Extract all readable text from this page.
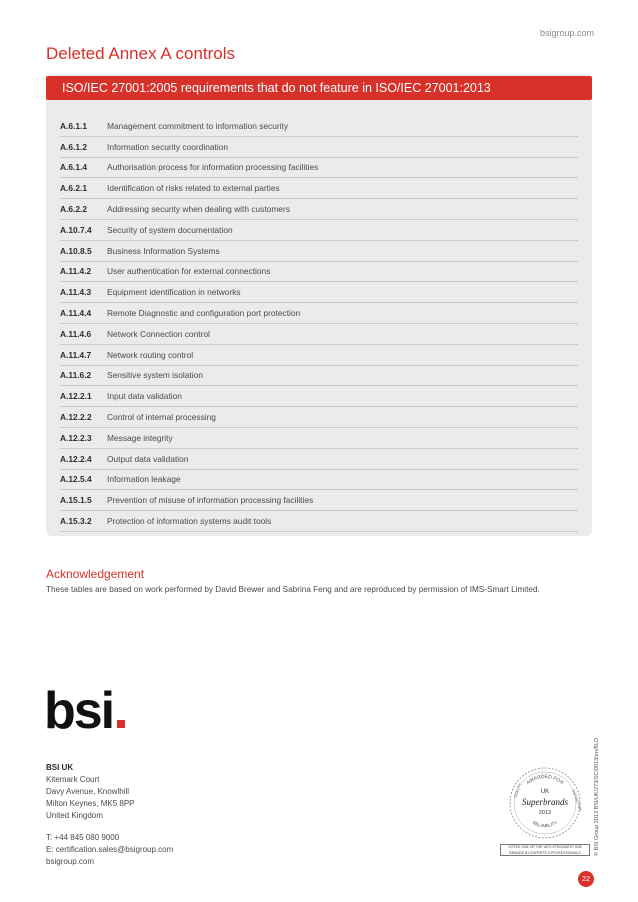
bsigroup.com
Deleted Annex A controls
ISO/IEC 27001:2005 requirements that do not feature in ISO/IEC 27001:2013
A.6.1.1	Management commitment to information security
A.6.1.2	Information security coordination
A.6.1.4	Authorisation process for information processing facilities
A.6.2.1	Identification of risks related to external parties
A.6.2.2	Addressing security when dealing with customers
A.10.7.4	Security of system documentation
A.10.8.5	Business Information Systems
A.11.4.2	User authentication for external connections
A.11.4.3	Equipment identification in networks
A.11.4.4	Remote Diagnostic and configuration port protection
A.11.4.6	Network Connection control
A.11.4.7	Network routing control
A.11.6.2	Sensitive system isolation
A.12.2.1	Input data validation
A.12.2.2	Control of internal processing
A.12.2.3	Message integrity
A.12.2.4	Output data validation
A.12.5.4	Information leakage
A.15.1.5	Prevention of misuse of information processing facilities
A.15.3.2	Protection of information systems audit tools
Acknowledgement
These tables are based on work performed by David Brewer and Sabrina Feng and are reproduced by permission of IMS-Smart Limited.
bsi
BSI UK
Kitemark Court
Davy Avenue, Knowlhill
Milton Keynes, MK5 8PP
United Kingdom
T: +44 845 080 9000
E: certification.sales@bsigroup.com
bsigroup.com
AWARDED FOR
RELIABILITY
QUALITY	DISTINCTION
UK
Superbrands
2013
VOTED ONE OF THE UK'S STRONGEST B2B BRANDS BY EXPERTS & PROFESSIONALS	© BSI Group 2013 BSI/UK/273/SC/0913/en/BLD
22
